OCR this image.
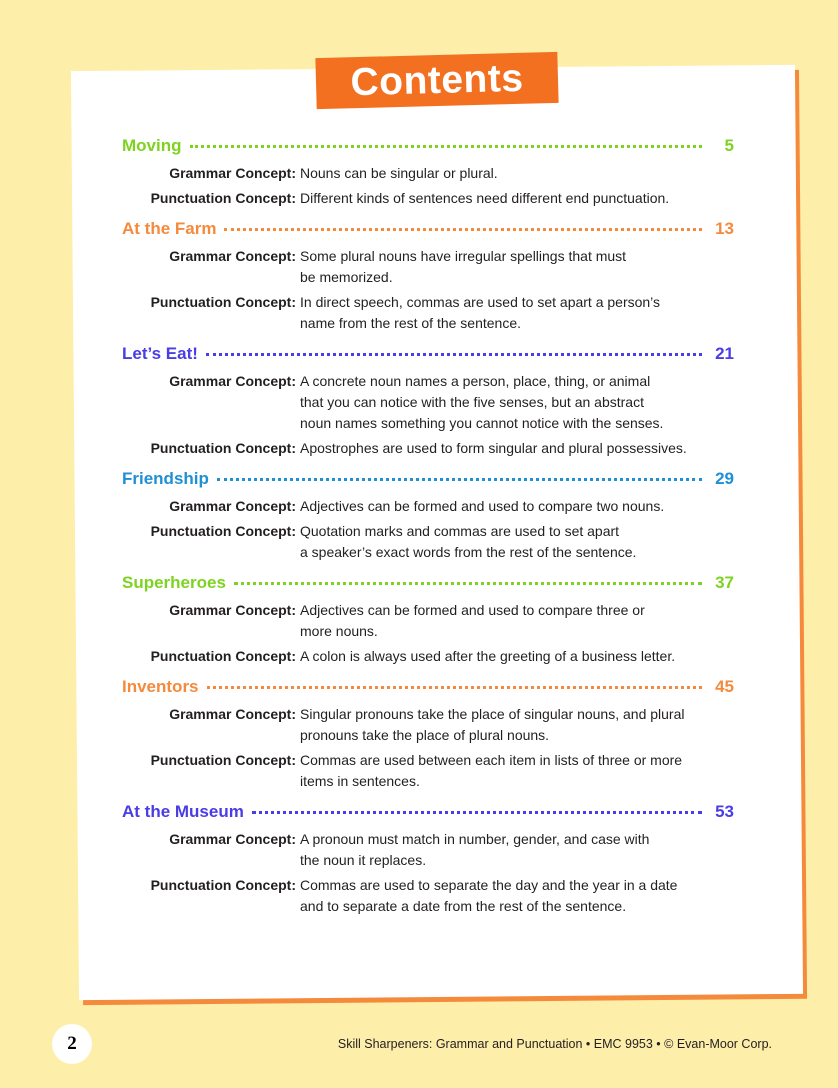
Contents
Moving	5
Grammar Concept: Nouns can be singular or plural.
Punctuation Concept: Different kinds of sentences need different end punctuation.
At the Farm	13
Grammar Concept: Some plural nouns have irregular spellings that must
be memorized.
Punctuation Concept: In direct speech, commas are used to set apart a person’s
name from the rest of the sentence.
Let’s Eat!	21
Grammar Concept: A concrete noun names a person, place, thing, or animal
that you can notice with the five senses, but an abstract
noun names something you cannot notice with the senses.
Punctuation Concept: Apostrophes are used to form singular and plural possessives.
Friendship	29
Grammar Concept: Adjectives can be formed and used to compare two nouns.
Punctuation Concept: Quotation marks and commas are used to set apart
a speaker’s exact words from the rest of the sentence.
Superheroes	37
Grammar Concept: Adjectives can be formed and used to compare three or
more nouns.
Punctuation Concept: A colon is always used after the greeting of a business letter.
Inventors	45
Grammar Concept: Singular pronouns take the place of singular nouns, and plural
pronouns take the place of plural nouns.
Punctuation Concept: Commas are used between each item in lists of three or more
items in sentences.
At the Museum	53
Grammar Concept: A pronoun must match in number, gender, and case with
the noun it replaces.
Punctuation Concept: Commas are used to separate the day and the year in a date
and to separate a date from the rest of the sentence.
2	Skill Sharpeners: Grammar and Punctuation • EMC 9953 • © Evan-Moor Corp.
